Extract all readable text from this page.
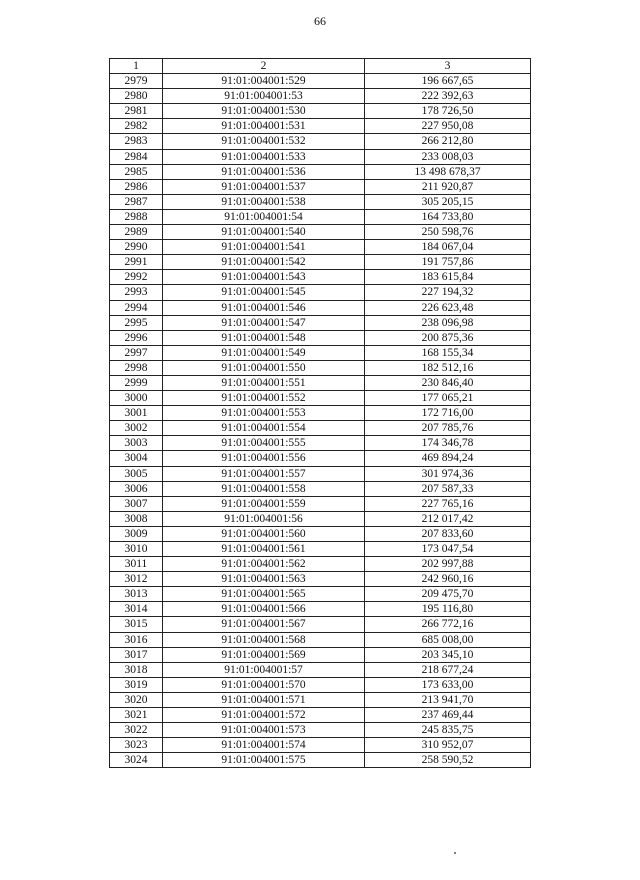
66
1	2	3
2979	91:01:004001:529	196 667,65
2980	91:01:004001:53	222 392,63
2981	91:01:004001:530	178 726,50
2982	91:01:004001:531	227 950,08
2983	91:01:004001:532	266 212,80
2984	91:01:004001:533	233 008,03
2985	91:01:004001:536	13 498 678,37
2986	91:01:004001:537	211 920,87
2987	91:01:004001:538	305 205,15
2988	91:01:004001:54	164 733,80
2989	91:01:004001:540	250 598,76
2990	91:01:004001:541	184 067,04
2991	91:01:004001:542	191 757,86
2992	91:01:004001:543	183 615,84
2993	91:01:004001:545	227 194,32
2994	91:01:004001:546	226 623,48
2995	91:01:004001:547	238 096,98
2996	91:01:004001:548	200 875,36
2997	91:01:004001:549	168 155,34
2998	91:01:004001:550	182 512,16
2999	91:01:004001:551	230 846,40
3000	91:01:004001:552	177 065,21
3001	91:01:004001:553	172 716,00
3002	91:01:004001:554	207 785,76
3003	91:01:004001:555	174 346,78
3004	91:01:004001:556	469 894,24
3005	91:01:004001:557	301 974,36
3006	91:01:004001:558	207 587,33
3007	91:01:004001:559	227 765,16
3008	91:01:004001:56	212 017,42
3009	91:01:004001:560	207 833,60
3010	91:01:004001:561	173 047,54
3011	91:01:004001:562	202 997,88
3012	91:01:004001:563	242 960,16
3013	91:01:004001:565	209 475,70
3014	91:01:004001:566	195 116,80
3015	91:01:004001:567	266 772,16
3016	91:01:004001:568	685 008,00
3017	91:01:004001:569	203 345,10
3018	91:01:004001:57	218 677,24
3019	91:01:004001:570	173 633,00
3020	91:01:004001:571	213 941,70
3021	91:01:004001:572	237 469,44
3022	91:01:004001:573	245 835,75
3023	91:01:004001:574	310 952,07
3024	91:01:004001:575	258 590,52
